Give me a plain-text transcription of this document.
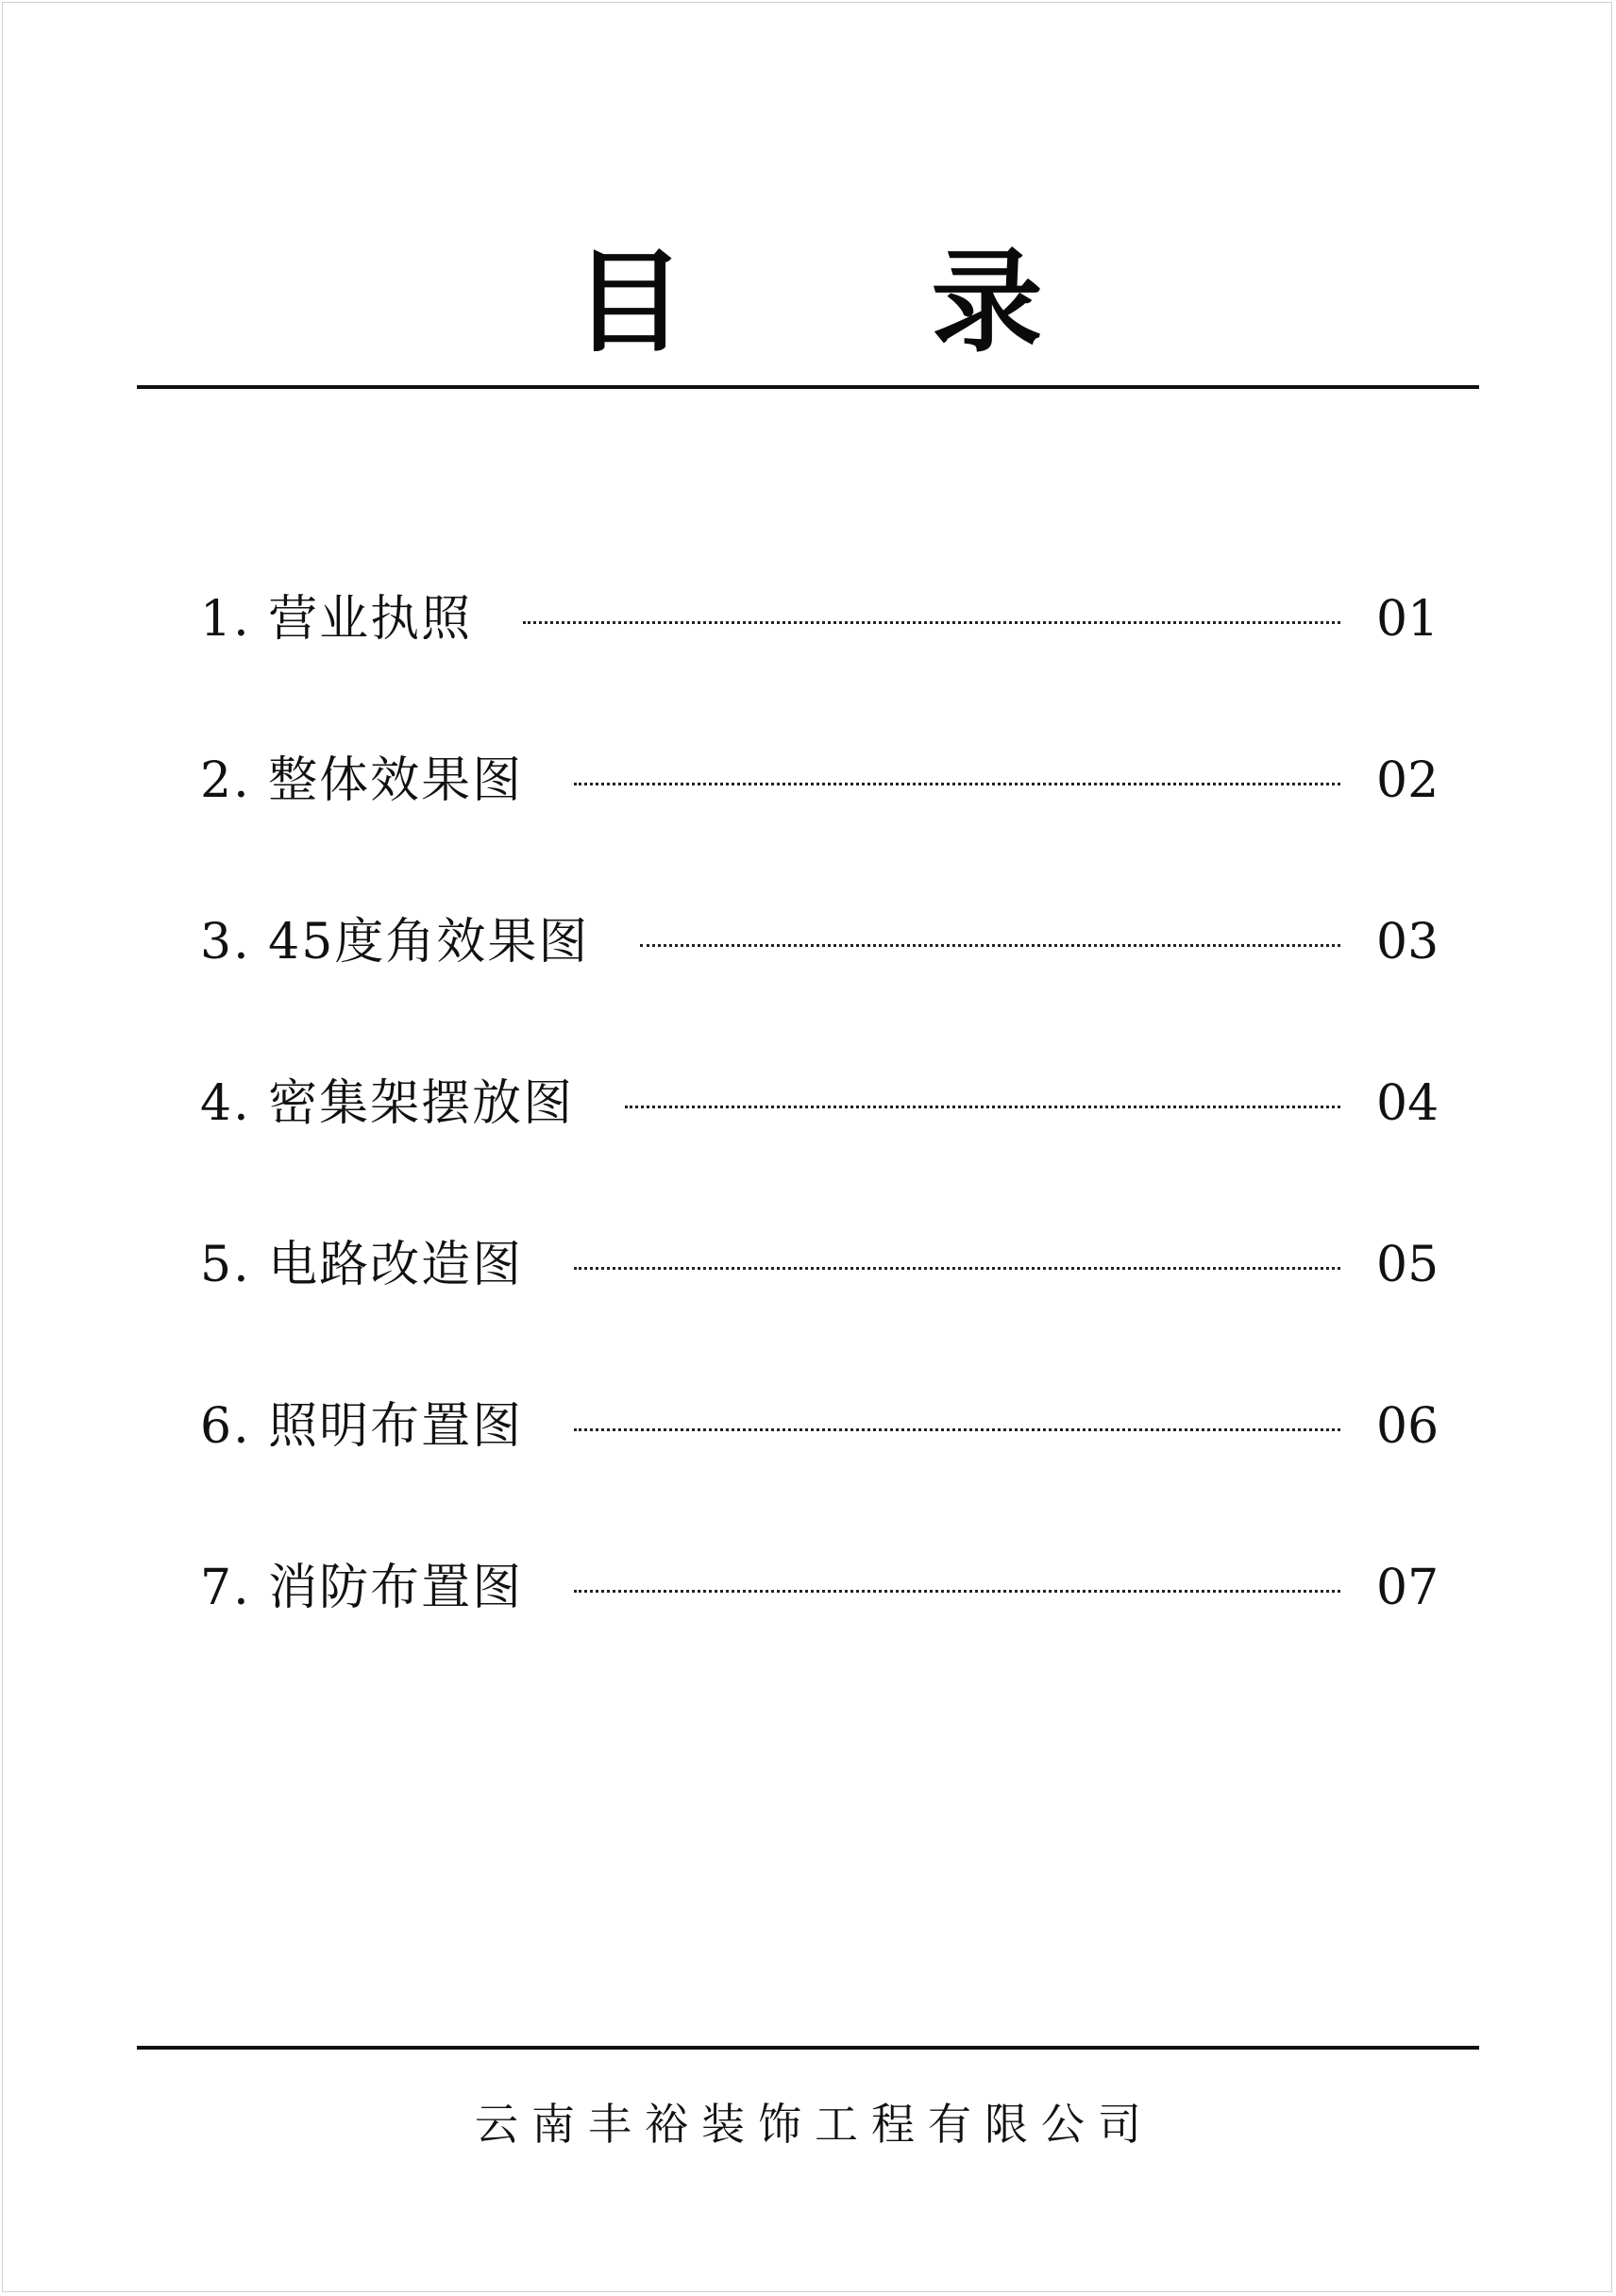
目 录
1. 营业执照	01
2. 整体效果图	02
3. 45度角效果图	03
4. 密集架摆放图	04
5. 电路改造图	05
6. 照明布置图	06
7. 消防布置图	07
云南丰裕装饰工程有限公司
